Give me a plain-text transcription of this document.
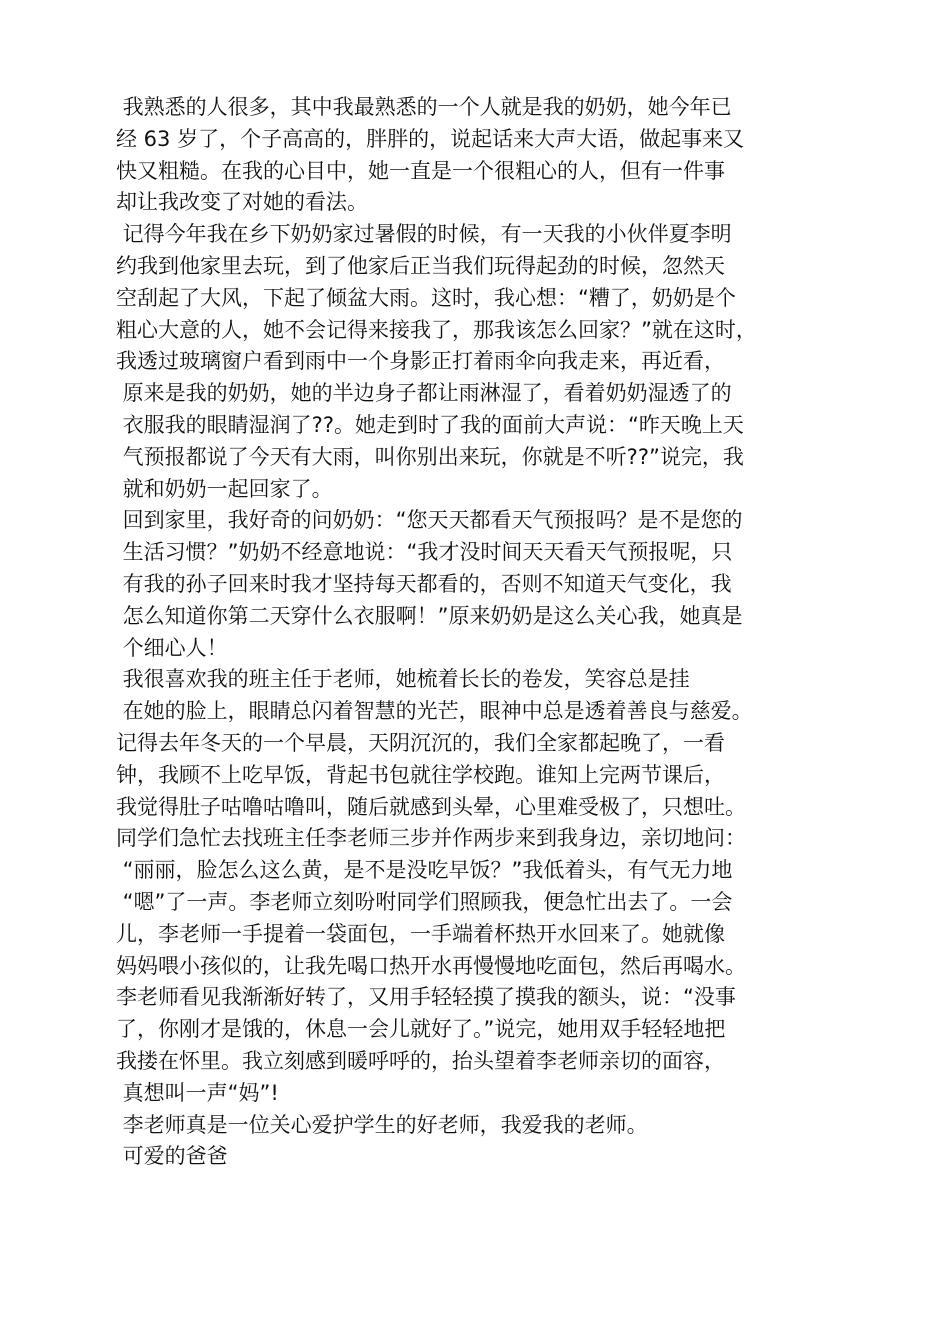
我熟悉的人很多，其中我最熟悉的一个人就是我的奶奶，她今年已
经 63 岁了，个子高高的，胖胖的，说起话来大声大语，做起事来又
快又粗糙。在我的心目中，她一直是一个很粗心的人，但有一件事
却让我改变了对她的看法。
记得今年我在乡下奶奶家过暑假的时候，有一天我的小伙伴夏李明
约我到他家里去玩，到了他家后正当我们玩得起劲的时候，忽然天
空刮起了大风，下起了倾盆大雨。这时，我心想：“糟了，奶奶是个
粗心大意的人，她不会记得来接我了，那我该怎么回家？”就在这时，
我透过玻璃窗户看到雨中一个身影正打着雨伞向我走来，再近看，
原来是我的奶奶，她的半边身子都让雨淋湿了，看着奶奶湿透了的
衣服我的眼睛湿润了??。她走到时了我的面前大声说：“昨天晚上天
气预报都说了今天有大雨，叫你别出来玩，你就是不听??”说完，我
就和奶奶一起回家了。
回到家里，我好奇的问奶奶：“您天天都看天气预报吗？是不是您的
生活习惯？”奶奶不经意地说：“我才没时间天天看天气预报呢，只
有我的孙子回来时我才坚持每天都看的，否则不知道天气变化，我
怎么知道你第二天穿什么衣服啊！”原来奶奶是这么关心我，她真是
个细心人！
我很喜欢我的班主任于老师，她梳着长长的卷发，笑容总是挂
在她的脸上，眼睛总闪着智慧的光芒，眼神中总是透着善良与慈爱。
记得去年冬天的一个早晨，天阴沉沉的，我们全家都起晚了，一看
钟，我顾不上吃早饭，背起书包就往学校跑。谁知上完两节课后，
我觉得肚子咕噜咕噜叫，随后就感到头晕，心里难受极了，只想吐。
同学们急忙去找班主任李老师三步并作两步来到我身边，亲切地问：
“丽丽，脸怎么这么黄，是不是没吃早饭？”我低着头，有气无力地
“嗯”了一声。李老师立刻吩咐同学们照顾我，便急忙出去了。一会
儿，李老师一手提着一袋面包，一手端着杯热开水回来了。她就像
妈妈喂小孩似的，让我先喝口热开水再慢慢地吃面包，然后再喝水。
李老师看见我渐渐好转了，又用手轻轻摸了摸我的额头，说：“没事
了，你刚才是饿的，休息一会儿就好了。”说完，她用双手轻轻地把
我搂在怀里。我立刻感到暖呼呼的，抬头望着李老师亲切的面容，
真想叫一声“妈”!
李老师真是一位关心爱护学生的好老师，我爱我的老师。
可爱的爸爸
